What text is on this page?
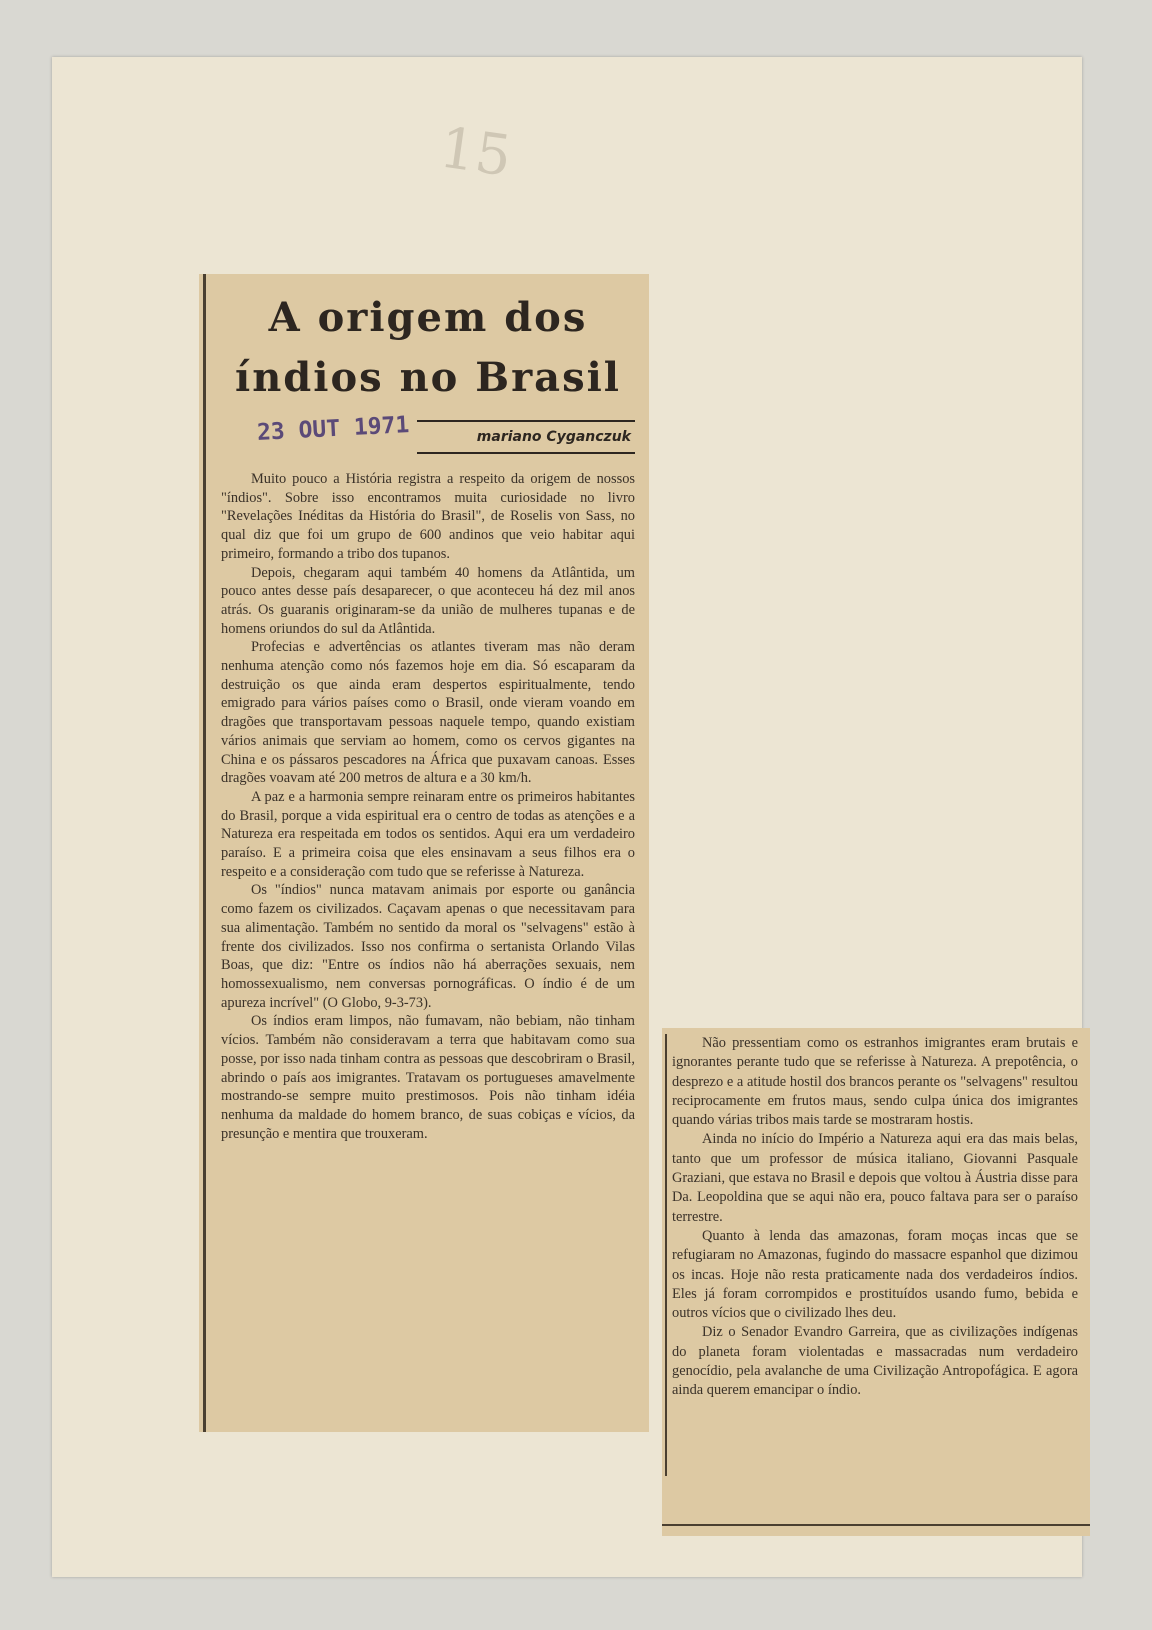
15
A origem dos
índios no Brasil
23 OUT 1971	mariano Cyganczuk

Muito pouco a História registra a respeito da origem de nossos "índios". Sobre isso encontramos muita curiosidade no livro "Revelações Inéditas da História do Brasil", de Roselis von Sass, no qual diz que foi um grupo de 600 andinos que veio habitar aqui primeiro, formando a tribo dos tupanos.

Depois, chegaram aqui também 40 homens da Atlântida, um pouco antes desse país desaparecer, o que aconteceu há dez mil anos atrás. Os guaranis originaram-se da união de mulheres tupanas e de homens oriundos do sul da Atlântida.

Profecias e advertências os atlantes tiveram mas não deram nenhuma atenção como nós fazemos hoje em dia. Só escaparam da destruição os que ainda eram despertos espiritualmente, tendo emigrado para vários países como o Brasil, onde vieram voando em dragões que transportavam pessoas naquele tempo, quando existiam vários animais que serviam ao homem, como os cervos gigantes na China e os pássaros pescadores na África que puxavam canoas. Esses dragões voavam até 200 metros de altura e a 30 km/h.

A paz e a harmonia sempre reinaram entre os primeiros habitantes do Brasil, porque a vida espiritual era o centro de todas as atenções e a Natureza era respeitada em todos os sentidos. Aqui era um verdadeiro paraíso. E a primeira coisa que eles ensinavam a seus filhos era o respeito e a consideração com tudo que se referisse à Natureza.

Os "índios" nunca matavam animais por esporte ou ganância como fazem os civilizados. Caçavam apenas o que necessitavam para sua alimentação. Também no sentido da moral os "selvagens" estão à frente dos civilizados. Isso nos confirma o sertanista Orlando Vilas Boas, que diz: "Entre os índios não há aberrações sexuais, nem homossexualismo, nem conversas pornográficas. O índio é de um apureza incrível" (O Globo, 9-3-73).

Os índios eram limpos, não fumavam, não bebiam, não tinham vícios. Também não consideravam a terra que habitavam como sua posse, por isso nada tinham contra as pessoas que descobriram o Brasil, abrindo o país aos imigrantes. Tratavam os portugueses amavelmente mostrando-se sempre muito prestimosos. Pois não tinham idéia nenhuma da maldade do homem branco, de suas cobiças e vícios, da presunção e mentira que trouxeram.

Não pressentiam como os estranhos imigrantes eram brutais e ignorantes perante tudo que se referisse à Natureza. A prepotência, o desprezo e a atitude hostil dos brancos perante os "selvagens" resultou reciprocamente em frutos maus, sendo culpa única dos imigrantes quando várias tribos mais tarde se mostraram hostis.

Ainda no início do Império a Natureza aqui era das mais belas, tanto que um professor de música italiano, Giovanni Pasquale Graziani, que estava no Brasil e depois que voltou à Áustria disse para Da. Leopoldina que se aqui não era, pouco faltava para ser o paraíso terrestre.

Quanto à lenda das amazonas, foram moças incas que se refugiaram no Amazonas, fugindo do massacre espanhol que dizimou os incas. Hoje não resta praticamente nada dos verdadeiros índios. Eles já foram corrompidos e prostituídos usando fumo, bebida e outros vícios que o civilizado lhes deu.

Diz o Senador Evandro Garreira, que as civilizações indígenas do planeta foram violentadas e massacradas num verdadeiro genocídio, pela avalanche de uma Civilização Antropofágica. E agora ainda querem emancipar o índio.
